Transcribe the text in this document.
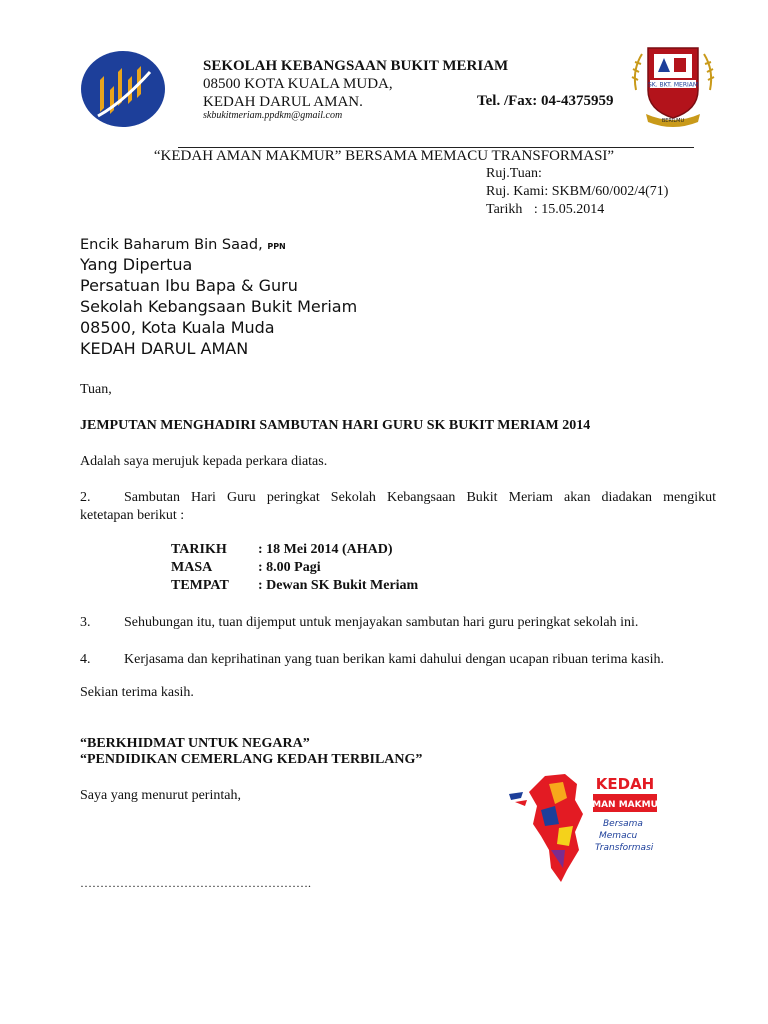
SEKOLAH KEBANGSAAN BUKIT MERIAM
08500 KOTA KUALA MUDA,
KEDAH DARUL AMAN.	Tel. /Fax: 04-4375959
skbukitmeriam.ppdkm@gmail.com
SK. BKT. MERIAM
BERILMU
“KEDAH AMAN MAKMUR” BERSAMA MEMACU TRANSFORMASI”
Ruj.Tuan:
Ruj. Kami: SKBM/60/002/4(71)
Tarikh : 15.05.2014
Encik Baharum Bin Saad, PPN
Yang Dipertua
Persatuan Ibu Bapa & Guru
Sekolah Kebangsaan Bukit Meriam
08500, Kota Kuala Muda
KEDAH DARUL AMAN
Tuan,
JEMPUTAN MENGHADIRI SAMBUTAN HARI GURU SK BUKIT MERIAM 2014
Adalah saya merujuk kepada perkara diatas.
2. Sambutan Hari Guru peringkat Sekolah Kebangsaan Bukit Meriam akan diadakan mengikut
ketetapan berikut :
TARIKH : 18 Mei 2014 (AHAD)
MASA	: 8.00 Pagi
TEMPAT : Dewan SK Bukit Meriam
3. Sehubungan itu, tuan dijemput untuk menjayakan sambutan hari guru peringkat sekolah ini.
4. Kerjasama dan keprihatinan yang tuan berikan kami dahului dengan ucapan ribuan terima kasih.
Sekian terima kasih.
“BERKHIDMAT UNTUK NEGARA”
“PENDIDIKAN CEMERLANG KEDAH TERBILANG”
Saya yang menurut perintah,
………………………………………………….
KEDAH
AMAN MAKMUR
Bersama
Memacu
Transformasi
